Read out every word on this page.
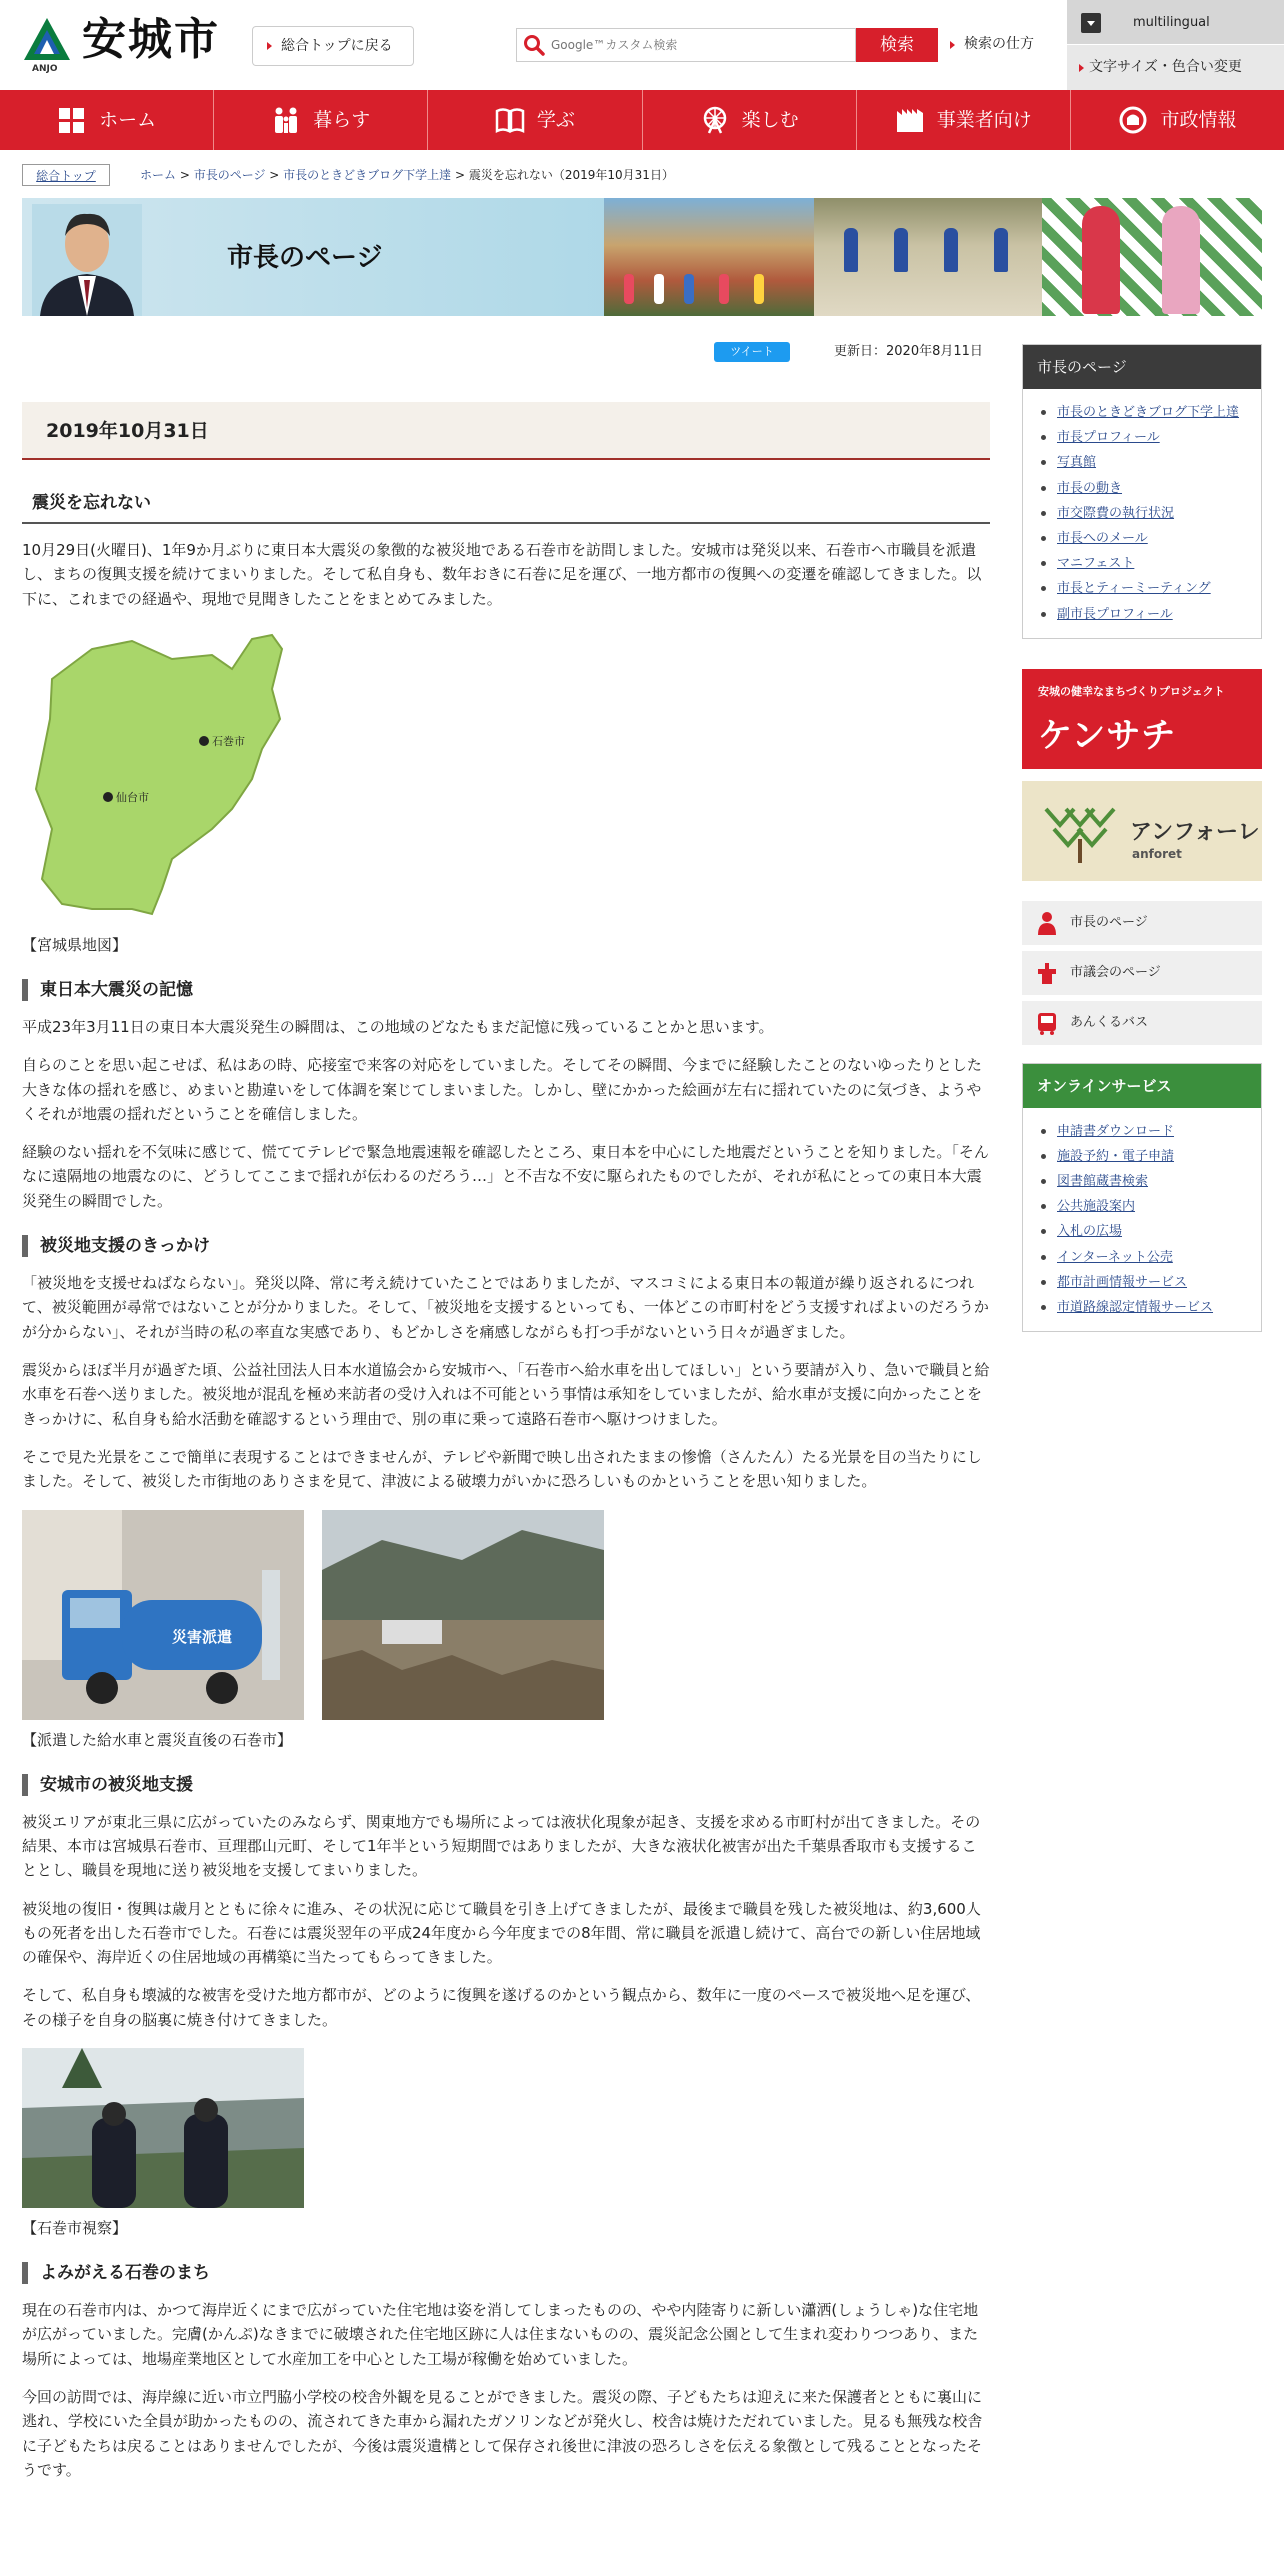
安城市
ANJO
総合トップに戻る
Google™カスタム検索	検索	検索の仕方
multilingual
文字サイズ・色合い変更
ホーム	暮らす	学ぶ	楽しむ	事業者向け	市政情報
総合トップ	ホーム > 市長のページ > 市長のときどきブログ下学上達 > 震災を忘れない（2019年10月31日）
市長のページ
ツイート	更新日：2020年8月11日
2019年10月31日
震災を忘れない

10月29日(火曜日)、1年9か月ぶりに東日本大震災の象徴的な被災地である石巻市を訪問しました。安城市は発災以来、石巻市へ市職員を派遣し、まちの復興支援を続けてまいりました。そして私自身も、数年おきに石巻に足を運び、一地方都市の復興への変遷を確認してきました。以下に、これまでの経過や、現地で見聞きしたことをまとめてみました。

石巻市
仙台市
【宮城県地図】
東日本大震災の記憶

平成23年3月11日の東日本大震災発生の瞬間は、この地域のどなたもまだ記憶に残っていることかと思います。

自らのことを思い起こせば、私はあの時、応接室で来客の対応をしていました。そしてその瞬間、今までに経験したことのないゆったりとした大きな体の揺れを感じ、めまいと勘違いをして体調を案じてしまいました。しかし、壁にかかった絵画が左右に揺れていたのに気づき、ようやくそれが地震の揺れだということを確信しました。

経験のない揺れを不気味に感じて、慌ててテレビで緊急地震速報を確認したところ、東日本を中心にした地震だということを知りました。「そんなに遠隔地の地震なのに、どうしてここまで揺れが伝わるのだろう…」と不吉な不安に駆られたものでしたが、それが私にとっての東日本大震災発生の瞬間でした。

被災地支援のきっかけ

「被災地を支援せねばならない」。発災以降、常に考え続けていたことではありましたが、マスコミによる東日本の報道が繰り返されるにつれて、被災範囲が尋常ではないことが分かりました。そして、「被災地を支援するといっても、一体どこの市町村をどう支援すればよいのだろうかが分からない」、それが当時の私の率直な実感であり、もどかしさを痛感しながらも打つ手がないという日々が過ぎました。

震災からほぼ半月が過ぎた頃、公益社団法人日本水道協会から安城市へ、「石巻市へ給水車を出してほしい」という要請が入り、急いで職員と給水車を石巻へ送りました。被災地が混乱を極め来訪者の受け入れは不可能という事情は承知をしていましたが、給水車が支援に向かったことをきっかけに、私自身も給水活動を確認するという理由で、別の車に乗って遠路石巻市へ駆けつけました。

そこで見た光景をここで簡単に表現することはできませんが、テレビや新聞で映し出されたままの惨憺（さんたん）たる光景を目の当たりにしました。そして、被災した市街地のありさまを見て、津波による破壊力がいかに恐ろしいものかということを思い知りました。

災害派遣
【派遣した給水車と震災直後の石巻市】
安城市の被災地支援

被災エリアが東北三県に広がっていたのみならず、関東地方でも場所によっては液状化現象が起き、支援を求める市町村が出てきました。その結果、本市は宮城県石巻市、亘理郡山元町、そして1年半という短期間ではありましたが、大きな液状化被害が出た千葉県香取市も支援することとし、職員を現地に送り被災地を支援してまいりました。

被災地の復旧・復興は歳月とともに徐々に進み、その状況に応じて職員を引き上げてきましたが、最後まで職員を残した被災地は、約3,600人もの死者を出した石巻市でした。石巻には震災翌年の平成24年度から今年度までの8年間、常に職員を派遣し続けて、高台での新しい住居地域の確保や、海岸近くの住居地域の再構築に当たってもらってきました。

そして、私自身も壊滅的な被害を受けた地方都市が、どのように復興を遂げるのかという観点から、数年に一度のペースで被災地へ足を運び、その様子を自身の脳裏に焼き付けてきました。

【石巻市視察】
よみがえる石巻のまち

現在の石巻市内は、かつて海岸近くにまで広がっていた住宅地は姿を消してしまったものの、やや内陸寄りに新しい瀟洒(しょうしゃ)な住宅地が広がっていました。完膚(かんぷ)なきまでに破壊された住宅地区跡に人は住まないものの、震災記念公園として生まれ変わりつつあり、また場所によっては、地場産業地区として水産加工を中心とした工場が稼働を始めていました。

今回の訪問では、海岸線に近い市立門脇小学校の校舎外観を見ることができました。震災の際、子どもたちは迎えに来た保護者とともに裏山に逃れ、学校にいた全員が助かったものの、流されてきた車から漏れたガソリンなどが発火し、校舎は焼けただれていました。見るも無残な校舎に子どもたちは戻ることはありませんでしたが、今後は震災遺構として保存され後世に津波の恐ろしさを伝える象徴として残ることとなったそうです。

市長のページ
市長のときどきブログ下学上達
市長プロフィール
写真館
市長の動き
市交際費の執行状況
市長へのメール
マニフェスト
市長とティーミーティング
副市長プロフィール
安城の健幸なまちづくりプロジェクト
ケンサチ
アンフォーレ
anforet
市長のページ
市議会のページ
あんくるバス
オンラインサービス
申請書ダウンロード
施設予約・電子申請
図書館蔵書検索
公共施設案内
入札の広場
インターネット公売
都市計画情報サービス
市道路線認定情報サービス
